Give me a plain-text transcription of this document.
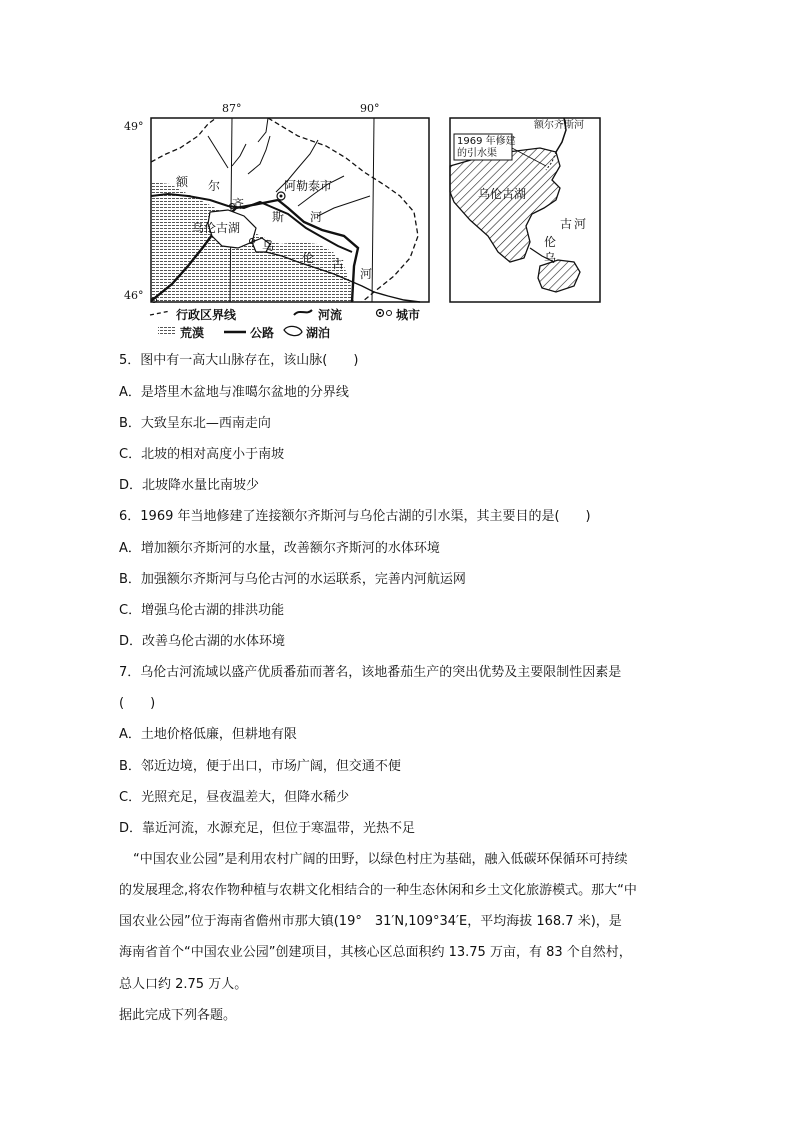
87°	90°
49°
46°
额 尔
齐
斯 河
乌伦古湖
阿勒泰市
乌
伦 古
河
额尔齐斯河
1969 年修建
的引水渠
乌伦古湖
古 河
伦
乌
行政区界线	河流	城市
荒漠	公路	湖泊
5．图中有一高大山脉存在，该山脉(　　)
A．是塔里木盆地与准噶尔盆地的分界线
B．大致呈东北—西南走向
C．北坡的相对高度小于南坡
D．北坡降水量比南坡少
6．1969 年当地修建了连接额尔齐斯河与乌伦古湖的引水渠，其主要目的是(　　)
A．增加额尔齐斯河的水量，改善额尔齐斯河的水体环境
B．加强额尔齐斯河与乌伦古河的水运联系，完善内河航运网
C．增强乌伦古湖的排洪功能
D．改善乌伦古湖的水体环境
7．乌伦古河流域以盛产优质番茄而著名，该地番茄生产的突出优势及主要限制性因素是
(　　)
A．土地价格低廉，但耕地有限
B．邻近边境，便于出口，市场广阔，但交通不便
C．光照充足，昼夜温差大，但降水稀少
D．靠近河流，水源充足，但位于寒温带，光热不足
“中国农业公园”是利用农村广阔的田野，以绿色村庄为基础，融入低碳环保循环可持续
的发展理念,将农作物种植与农耕文化相结合的一种生态休闲和乡土文化旅游模式。那大“中
国农业公园”位于海南省儋州市那大镇(19°　31′N,109°34′E，平均海拔 168.7 米)，是
海南省首个“中国农业公园”创建项目，其核心区总面积约 13.75 万亩，有 83 个自然村，
总人口约 2.75 万人。
据此完成下列各题。
